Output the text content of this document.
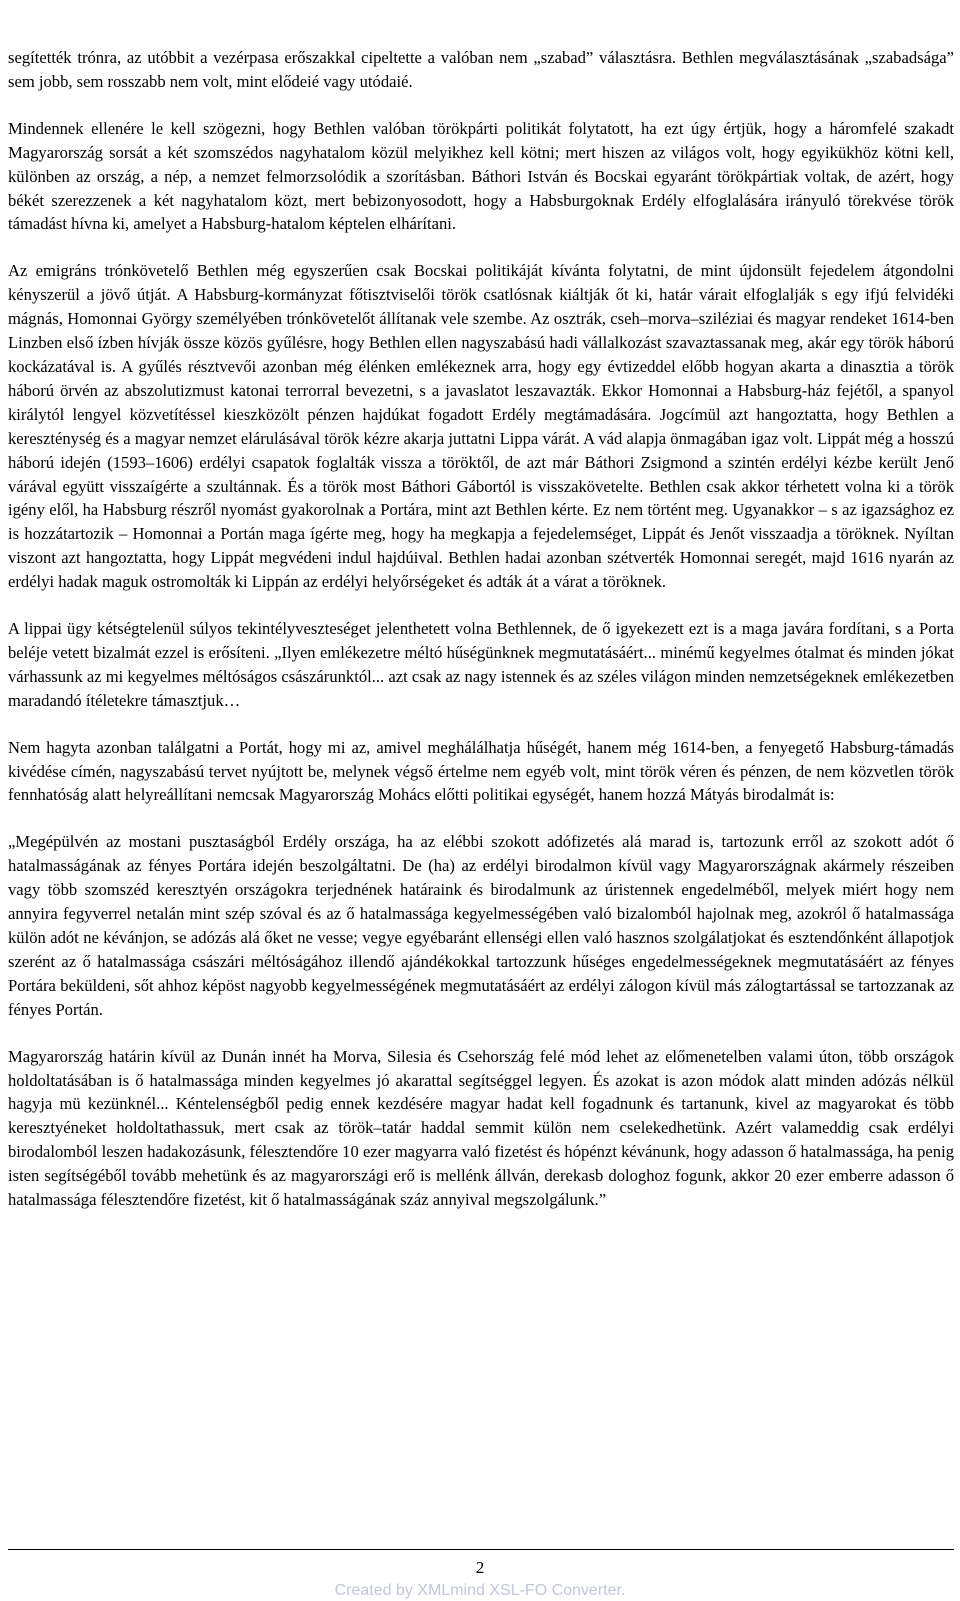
segítették trónra, az utóbbit a vezérpasa erőszakkal cipeltette a valóban nem „szabad” választásra. Bethlen megválasztásának „szabadsága” sem jobb, sem rosszabb nem volt, mint elődeié vagy utódaié.

Mindennek ellenére le kell szögezni, hogy Bethlen valóban törökpárti politikát folytatott, ha ezt úgy értjük, hogy a háromfelé szakadt Magyarország sorsát a két szomszédos nagyhatalom közül melyikhez kell kötni; mert hiszen az világos volt, hogy egyikükhöz kötni kell, különben az ország, a nép, a nemzet felmorzsolódik a szorításban. Báthori István és Bocskai egyaránt törökpártiak voltak, de azért, hogy békét szerezzenek a két nagyhatalom közt, mert bebizonyosodott, hogy a Habsburgoknak Erdély elfoglalására irányuló törekvése török támadást hívna ki, amelyet a Habsburg-hatalom képtelen elhárítani.

Az emigráns trónkövetelő Bethlen még egyszerűen csak Bocskai politikáját kívánta folytatni, de mint újdonsült fejedelem átgondolni kényszerül a jövő útját. A Habsburg-kormányzat főtisztviselői török csatlósnak kiáltják őt ki, határ várait elfoglalják s egy ifjú felvidéki mágnás, Homonnai György személyében trónkövetelőt állítanak vele szembe. Az osztrák, cseh–morva–sziléziai és magyar rendeket 1614-ben Linzben első ízben hívják össze közös gyűlésre, hogy Bethlen ellen nagyszabású hadi vállalkozást szavaztassanak meg, akár egy török háború kockázatával is. A gyűlés résztvevői azonban még élénken emlékeznek arra, hogy egy évtizeddel előbb hogyan akarta a dinasztia a török háború örvén az abszolutizmust katonai terrorral bevezetni, s a javaslatot leszavazták. Ekkor Homonnai a Habsburg-ház fejétől, a spanyol királytól lengyel közvetítéssel kieszközölt pénzen hajdúkat fogadott Erdély megtámadására. Jogcímül azt hangoztatta, hogy Bethlen a kereszténység és a magyar nemzet elárulásával török kézre akarja juttatni Lippa várát. A vád alapja önmagában igaz volt. Lippát még a hosszú háború idején (1593–1606) erdélyi csapatok foglalták vissza a töröktől, de azt már Báthori Zsigmond a szintén erdélyi kézbe került Jenő várával együtt visszaígérte a szultánnak. És a török most Báthori Gábortól is visszakövetelte. Bethlen csak akkor térhetett volna ki a török igény elől, ha Habsburg részről nyomást gyakorolnak a Portára, mint azt Bethlen kérte. Ez nem történt meg. Ugyanakkor – s az igazsághoz ez is hozzátartozik – Homonnai a Portán maga ígérte meg, hogy ha megkapja a fejedelemséget, Lippát és Jenőt visszaadja a töröknek. Nyíltan viszont azt hangoztatta, hogy Lippát megvédeni indul hajdúival. Bethlen hadai azonban szétverték Homonnai seregét, majd 1616 nyarán az erdélyi hadak maguk ostromolták ki Lippán az erdélyi helyőrségeket és adták át a várat a töröknek.

A lippai ügy kétségtelenül súlyos tekintélyveszteséget jelenthetett volna Bethlennek, de ő igyekezett ezt is a maga javára fordítani, s a Porta beléje vetett bizalmát ezzel is erősíteni. „Ilyen emlékezetre méltó hűségünknek megmutatásáért... minémű kegyelmes ótalmat és minden jókat várhassunk az mi kegyelmes méltóságos császárunktól... azt csak az nagy istennek és az széles világon minden nemzetségeknek emlékezetben maradandó ítéletekre támasztjuk…

Nem hagyta azonban találgatni a Portát, hogy mi az, amivel meghálálhatja hűségét, hanem még 1614-ben, a fenyegető Habsburg-támadás kivédése címén, nagyszabású tervet nyújtott be, melynek végső értelme nem egyéb volt, mint török véren és pénzen, de nem közvetlen török fennhatóság alatt helyreállítani nemcsak Magyarország Mohács előtti politikai egységét, hanem hozzá Mátyás birodalmát is:

„Megépülvén az mostani pusztaságból Erdély országa, ha az elébbi szokott adófizetés alá marad is, tartozunk erről az szokott adót ő hatalmasságának az fényes Portára idején beszolgáltatni. De (ha) az erdélyi birodalmon kívül vagy Magyarországnak akármely részeiben vagy több szomszéd keresztyén országokra terjednének határaink és birodalmunk az úristennek engedelméből, melyek miért hogy nem annyira fegyverrel netalán mint szép szóval és az ő hatalmassága kegyelmességében való bizalomból hajolnak meg, azokról ő hatalmassága külön adót ne kévánjon, se adózás alá őket ne vesse; vegye egyébaránt ellenségi ellen való hasznos szolgálatjokat és esztendőnként állapotjok szerént az ő hatalmassága császári méltóságához illendő ajándékokkal tartozzunk hűséges engedelmességeknek megmutatásáért az fényes Portára beküldeni, sőt ahhoz képöst nagyobb kegyelmességének megmutatásáért az erdélyi zálogon kívül más zálogtartással se tartozzanak az fényes Portán.

Magyarország határin kívül az Dunán innét ha Morva, Silesia és Csehország felé mód lehet az előmenetelben valami úton, több országok holdoltatásában is ő hatalmassága minden kegyelmes jó akarattal segítséggel legyen. És azokat is azon módok alatt minden adózás nélkül hagyja mü kezünknél... Kéntelenségből pedig ennek kezdésére magyar hadat kell fogadnunk és tartanunk, kivel az magyarokat és több keresztyéneket holdoltathassuk, mert csak az török–tatár haddal semmit külön nem cselekedhetünk. Azért valameddig csak erdélyi birodalomból leszen hadakozásunk, félesztendőre 10 ezer magyarra való fizetést és hópénzt kévánunk, hogy adasson ő hatalmassága, ha penig isten segítségéből tovább mehetünk és az magyarországi erő is mellénk állván, derekasb dologhoz fogunk, akkor 20 ezer emberre adasson ő hatalmassága félesztendőre fizetést, kit ő hatalmasságának száz annyival megszolgálunk.”

2
Created by XMLmind XSL-FO Converter.
